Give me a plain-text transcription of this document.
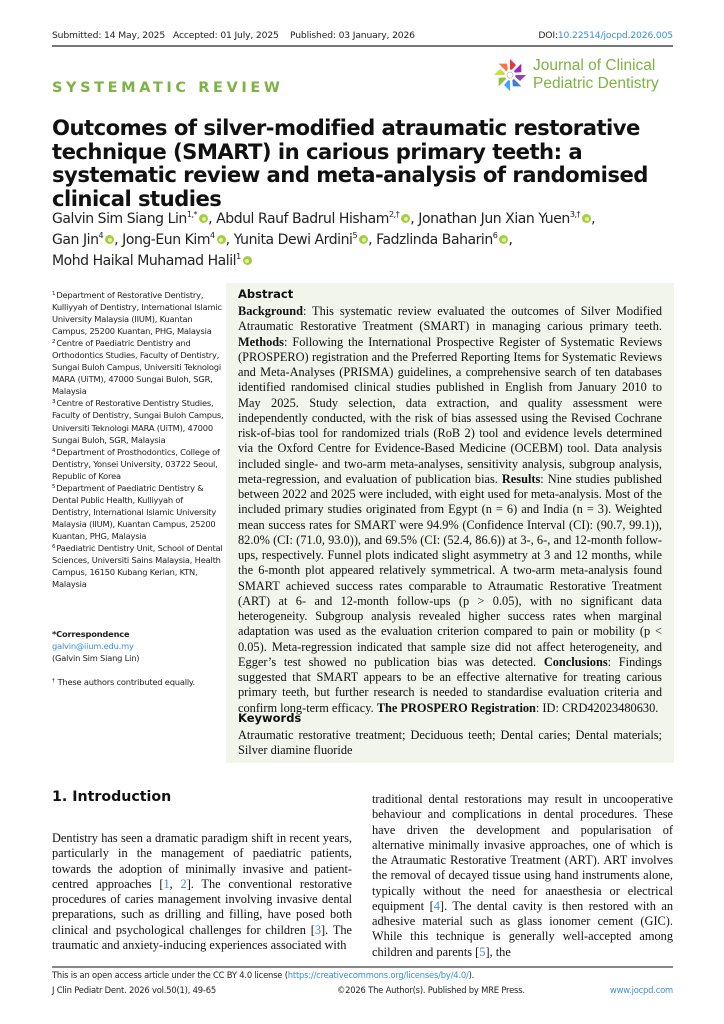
Submitted: 14 May, 2025 Accepted: 01 July, 2025 Published: 03 January, 2026	DOI:10.22514/jocpd.2026.005
SYSTEMATIC REVIEW
Journal of Clinical
Pediatric Dentistry
Outcomes of silver-modified atraumatic restorative technique (SMART) in carious primary teeth: a systematic review and meta-analysis of randomised clinical studies
Galvin Sim Siang Lin$^{1,*}$ , Abdul Rauf Badrul Hisham$^{2,\dagger}$ , Jonathan Jun Xian Yuen$^{3,\dagger}$ ,
Gan Jin$^4$ , Jong-Eun Kim$^4$ , Yunita Dewi Ardini$^5$ , Fadzlinda Baharin$^6$ ,
Mohd Haikal Muhamad Halil$^1$
$^1$Department of Restorative Dentistry, Kulliyyah of Dentistry, International Islamic University Malaysia (IIUM), Kuantan Campus, 25200 Kuantan, PHG, Malaysia
$^2$Centre of Paediatric Dentistry and Orthodontics Studies, Faculty of Dentistry, Sungai Buloh Campus, Universiti Teknologi MARA (UiTM), 47000 Sungai Buloh, SGR, Malaysia
$^3$Centre of Restorative Dentistry Studies, Faculty of Dentistry, Sungai Buloh Campus, Universiti Teknologi MARA (UiTM), 47000 Sungai Buloh, SGR, Malaysia
$^4$Department of Prosthodontics, College of Dentistry, Yonsei University, 03722 Seoul, Republic of Korea
$^5$Department of Paediatric Dentistry & Dental Public Health, Kulliyyah of Dentistry, International Islamic University Malaysia (IIUM), Kuantan Campus, 25200 Kuantan, PHG, Malaysia
$^6$Paediatric Dentistry Unit, School of Dental Sciences, Universiti Sains Malaysia, Health Campus, 16150 Kubang Kerian, KTN, Malaysia
*Correspondence
galvin@iium.edu.my
(Galvin Sim Siang Lin)
† These authors contributed equally.
Abstract

Background: This systematic review evaluated the outcomes of Silver Modified Atraumatic Restorative Treatment (SMART) in managing carious primary teeth. Methods: Following the International Prospective Register of Systematic Reviews (PROSPERO) registration and the Preferred Reporting Items for Systematic Reviews and Meta-Analyses (PRISMA) guidelines, a comprehensive search of ten databases identified randomised clinical studies published in English from January 2010 to May 2025. Study selection, data extraction, and quality assessment were independently conducted, with the risk of bias assessed using the Revised Cochrane risk-of-bias tool for randomized trials (RoB 2) tool and evidence levels determined via the Oxford Centre for Evidence-Based Medicine (OCEBM) tool. Data analysis included single- and two-arm meta-analyses, sensitivity analysis, subgroup analysis, meta-regression, and evaluation of publication bias. Results: Nine studies published between 2022 and 2025 were included, with eight used for meta-analysis. Most of the included primary studies originated from Egypt (n = 6) and India (n = 3). Weighted mean success rates for SMART were 94.9% (Confidence Interval (CI): (90.7, 99.1)), 82.0% (CI: (71.0, 93.0)), and 69.5% (CI: (52.4, 86.6)) at 3-, 6-, and 12-month follow-ups, respectively. Funnel plots indicated slight asymmetry at 3 and 12 months, while the 6-month plot appeared relatively symmetrical. A two-arm meta-analysis found SMART achieved success rates comparable to Atraumatic Restorative Treatment (ART) at 6- and 12-month follow-ups (p > 0.05), with no significant data heterogeneity. Subgroup analysis revealed higher success rates when marginal adaptation was used as the evaluation criterion compared to pain or mobility (p < 0.05). Meta-regression indicated that sample size did not affect heterogeneity, and Egger’s test showed no publication bias was detected. Conclusions: Findings suggested that SMART appears to be an effective alternative for treating carious primary teeth, but further research is needed to standardise evaluation criteria and confirm long-term efficacy. The PROSPERO Registration: ID: CRD42023480630.

Keywords

Atraumatic restorative treatment; Deciduous teeth; Dental caries; Dental materials; Silver diamine fluoride

1. Introduction

Dentistry has seen a dramatic paradigm shift in recent years, particularly in the management of paediatric patients, towards the adoption of minimally invasive and patient-centred approaches [1, 2]. The conventional restorative procedures of caries management involving invasive dental preparations, such as drilling and filling, have posed both clinical and psychological challenges for children [3]. The traumatic and anxiety-inducing experiences associated with

traditional dental restorations may result in uncooperative behaviour and complications in dental procedures. These have driven the development and popularisation of alternative minimally invasive approaches, one of which is the Atraumatic Restorative Treatment (ART). ART involves the removal of decayed tissue using hand instruments alone, typically without the need for anaesthesia or electrical equipment [4]. The dental cavity is then restored with an adhesive material such as glass ionomer cement (GIC). While this technique is generally well-accepted among children and parents [5], the

This is an open access article under the CC BY 4.0 license (https://creativecommons.org/licenses/by/4.0/).
J Clin Pediatr Dent. 2026 vol.50(1), 49-65	©2026 The Author(s). Published by MRE Press.	www.jocpd.com
